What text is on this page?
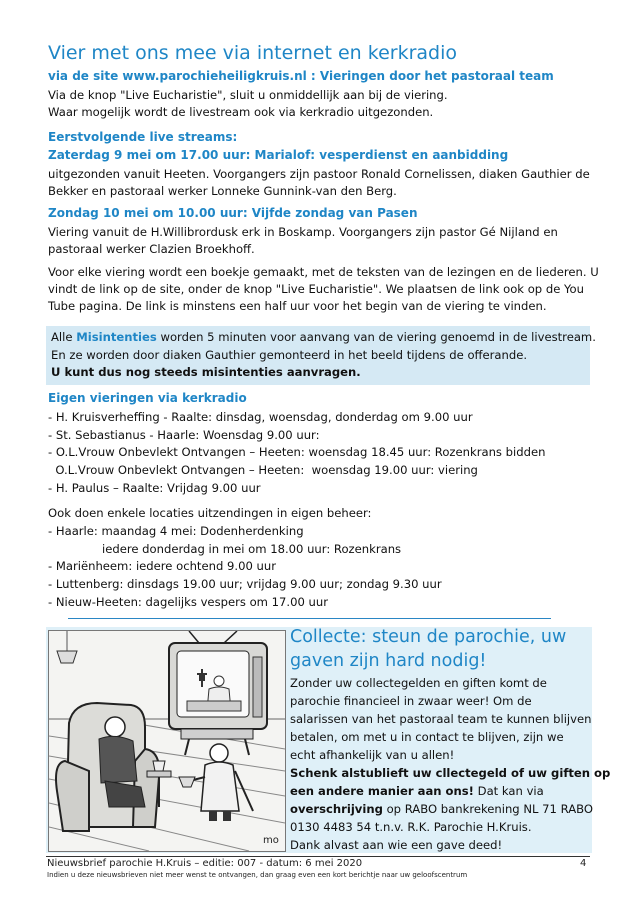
Vier met ons mee via internet en kerkradio
via de site www.parochieheiligkruis.nl : Vieringen door het pastoraal team
Via de knop "Live Eucharistie", sluit u onmiddellijk aan bij de viering.
Waar mogelijk wordt de livestream ook via kerkradio uitgezonden.
Eerstvolgende live streams:
Zaterdag 9 mei om 17.00 uur: Marialof: vesperdienst en aanbidding
uitgezonden vanuit Heeten. Voorgangers zijn pastoor Ronald Cornelissen, diaken Gauthier de
Bekker en pastoraal werker Lonneke Gunnink-van den Berg.
Zondag 10 mei om 10.00 uur: Vijfde zondag van Pasen
Viering vanuit de H.Willibrordusk erk in Boskamp. Voorgangers zijn pastor Gé Nijland en
pastoraal werker Clazien Broekhoff.
Voor elke viering wordt een boekje gemaakt, met de teksten van de lezingen en de liederen. U
vindt de link op de site, onder de knop "Live Eucharistie". We plaatsen de link ook op de You
Tube pagina. De link is minstens een half uur voor het begin van de viering te vinden.
Alle Misintenties worden 5 minuten voor aanvang van de viering genoemd in de livestream.
En ze worden door diaken Gauthier gemonteerd in het beeld tijdens de offerande.
U kunt dus nog steeds misintenties aanvragen.
Eigen vieringen via kerkradio
- H. Kruisverheffing - Raalte: dinsdag, woensdag, donderdag om 9.00 uur
- St. Sebastianus - Haarle: Woensdag 9.00 uur:
- O.L.Vrouw Onbevlekt Ontvangen – Heeten: woensdag 18.45 uur: Rozenkrans bidden
O.L.Vrouw Onbevlekt Ontvangen – Heeten:  woensdag 19.00 uur: viering
- H. Paulus – Raalte: Vrijdag 9.00 uur
Ook doen enkele locaties uitzendingen in eigen beheer:
- Haarle: maandag 4 mei: Dodenherdenking
iedere donderdag in mei om 18.00 uur: Rozenkrans
- Mariënheem: iedere ochtend 9.00 uur
- Luttenberg: dinsdags 19.00 uur; vrijdag 9.00 uur; zondag 9.30 uur
- Nieuw-Heeten: dagelijks vespers om 17.00 uur
mo
Collecte: steun de parochie, uw
gaven zijn hard nodig!
Zonder uw collectegelden en giften komt de
parochie financieel in zwaar weer! Om de
salarissen van het pastoraal team te kunnen blijven
betalen, om met u in contact te blijven, zijn we
echt afhankelijk van u allen!
Schenk alstublieft uw cllectegeld of uw giften op
een andere manier aan ons! Dat kan via
overschrijving op RABO bankrekening NL 71 RABO
0130 4483 54 t.n.v. R.K. Parochie H.Kruis.
Dank alvast aan wie een gave deed!
Nieuwsbrief parochie H.Kruis – editie: 007 - datum: 6 mei 2020	4
Indien u deze nieuwsbrieven niet meer wenst te ontvangen, dan graag even een kort berichtje naar uw geloofscentrum
